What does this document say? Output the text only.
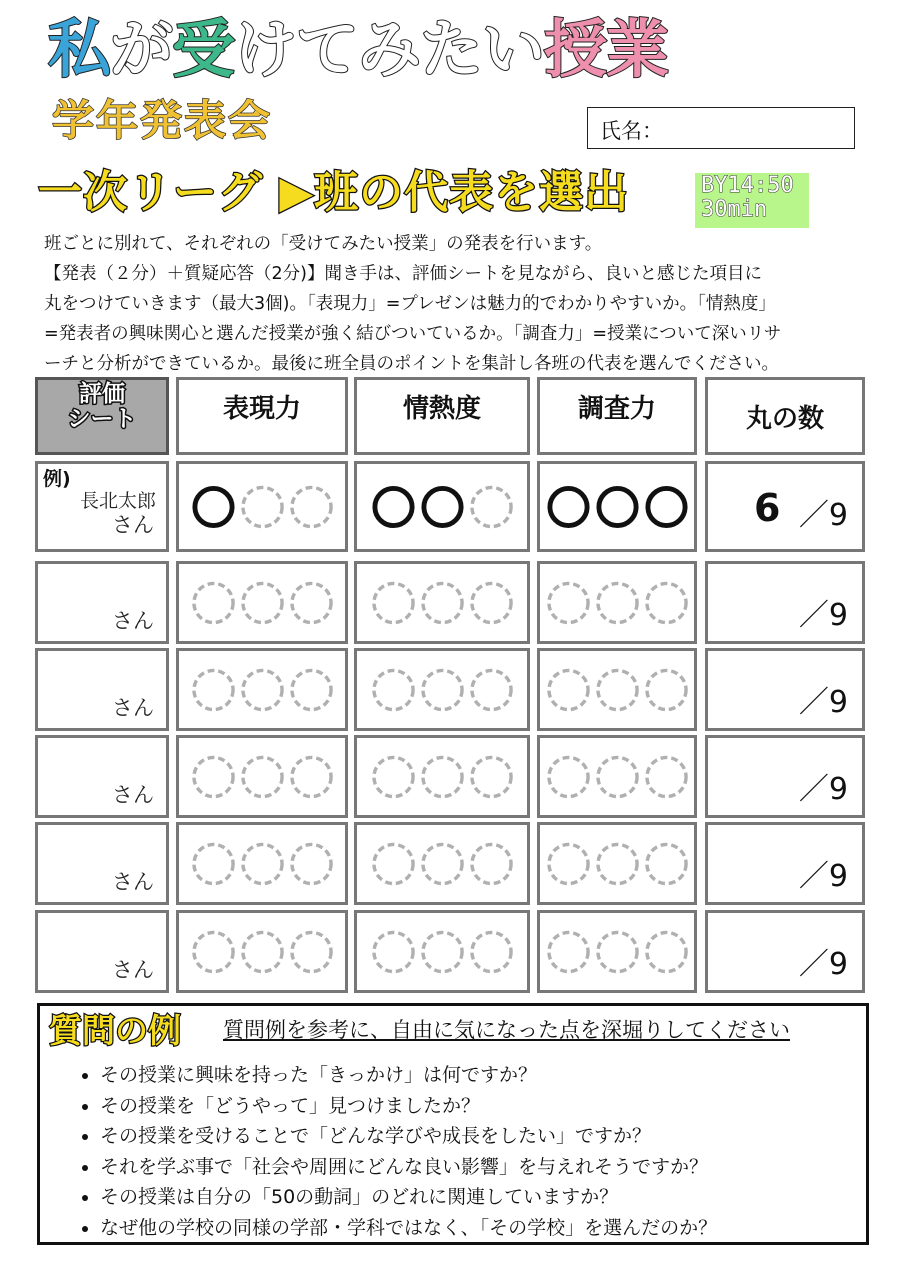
私が受けてみたい授業
学年発表会	氏名：
一次リーグ ▶班の代表を選出	BY14:50
30min

班ごとに別れて、それぞれの「受けてみたい授業」の発表を行います。

【発表（２分）＋質疑応答（2分)】聞き手は、評価シートを見ながら、良いと感じた項目に

丸をつけていきます（最大3個)。「表現力」=プレゼンは魅力的でわかりやすいか。「情熱度」

=発表者の興味関心と選んだ授業が強く結びついているか。「調査力」=授業について深いリサ

ーチと分析ができているか。最後に班全員のポイントを集計し各班の代表を選んでください。

評価
シート	表現力	情熱度	調査力	丸の数
例)
長北太郎
さん	6 ／9
さん	／9
さん	／9
さん	／9
さん	／9
さん	／9
質問の例 質問例を参考に、自由に気になった点を深堀りしてください
• その授業に興味を持った「きっかけ」は何ですか？
• その授業を「どうやって」見つけましたか？
• その授業を受けることで「どんな学びや成長をしたい」ですか？
• それを学ぶ事で「社会や周囲にどんな良い影響」を与えれそうですか？
• その授業は自分の「50の動詞」のどれに関連していますか？
• なぜ他の学校の同様の学部・学科ではなく、「その学校」を選んだのか？
